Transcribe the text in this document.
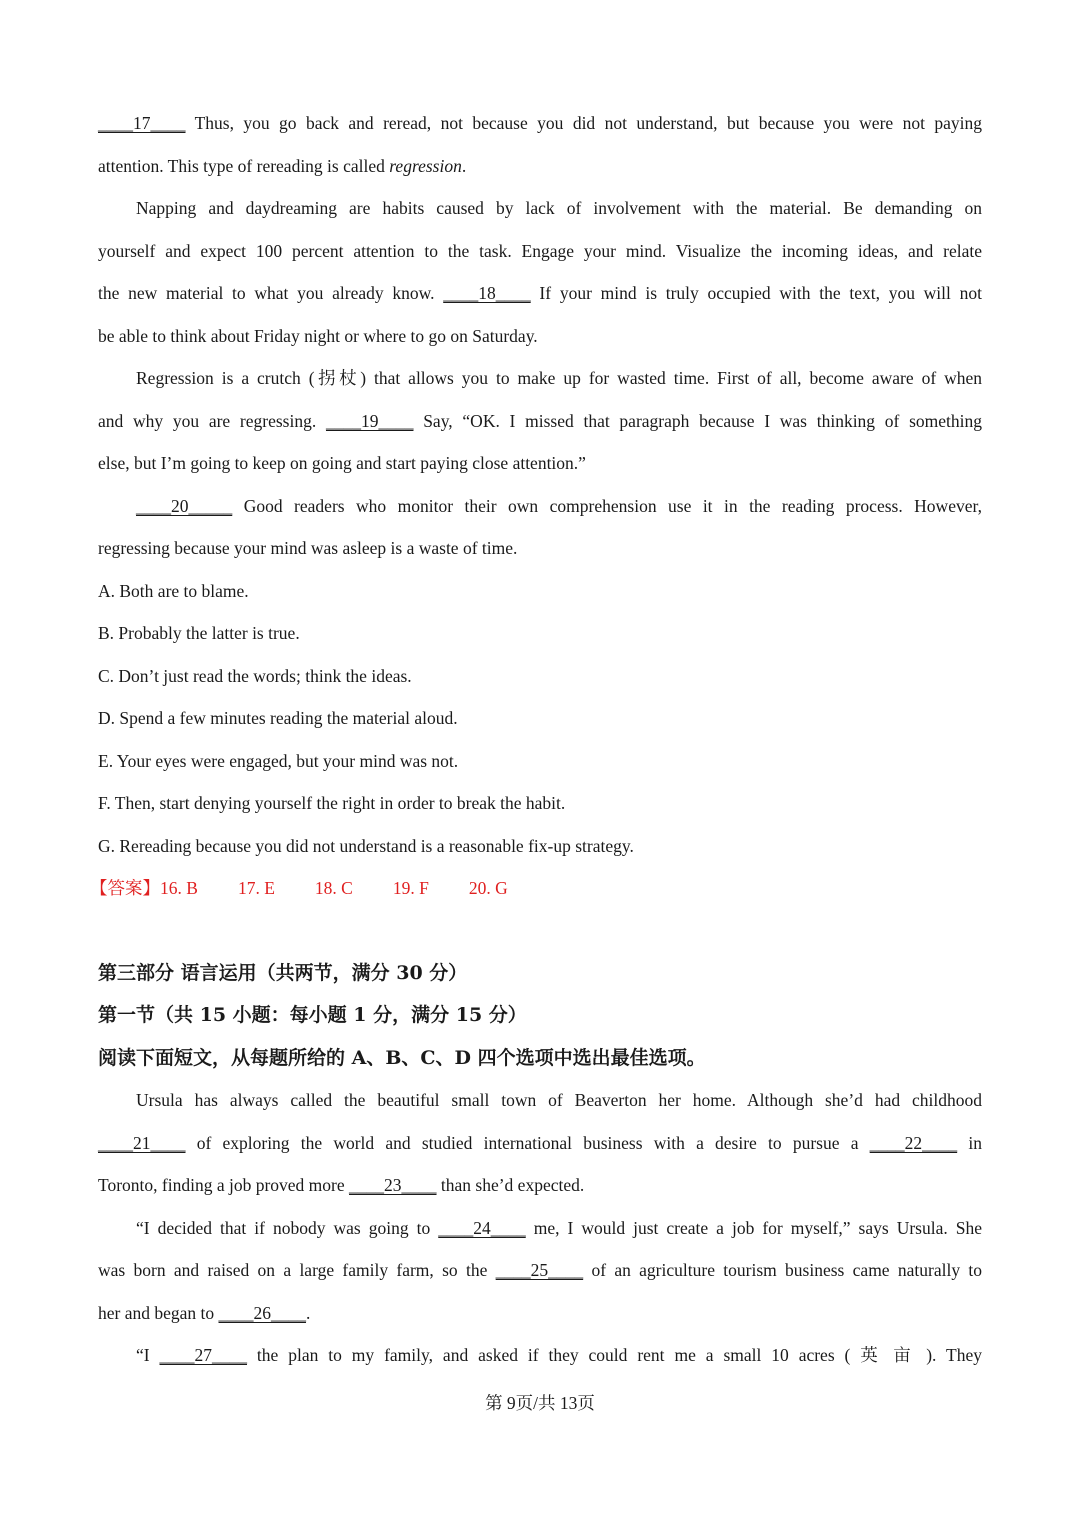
____17____ Thus, you go back and reread, not because you did not understand, but because you were not paying
attention. This type of rereading is called regression.
Napping and daydreaming are habits caused by lack of involvement with the material. Be demanding on
yourself and expect 100 percent attention to the task. Engage your mind. Visualize the incoming ideas, and relate
the new material to what you already know. ____18____ If your mind is truly occupied with the text, you will not
be able to think about Friday night or where to go on Saturday.
Regression is a crutch (拐杖) that allows you to make up for wasted time. First of all, become aware of when
and why you are regressing. ____19____ Say, “OK. I missed that paragraph because I was thinking of something
else, but I’m going to keep on going and start paying close attention.”
____20_____ Good readers who monitor their own comprehension use it in the reading process. However,
regressing because your mind was asleep is a waste of time.
A. Both are to blame.
B. Probably the latter is true.
C. Don’t just read the words; think the ideas.
D. Spend a few minutes reading the material aloud.
E. Your eyes were engaged, but your mind was not.
F. Then, start denying yourself the right in order to break the habit.
G. Rereading because you did not understand is a reasonable fix-up strategy.
【答案】16. B 17. E 18. C 19. F 20. G
第三部分 语言运用（共两节，满分 30 分）
第一节（共 15 小题：每小题 1 分，满分 15 分）
阅读下面短文，从每题所给的 A、B、C、D 四个选项中选出最佳选项。
Ursula has always called the beautiful small town of Beaverton her home. Although she’d had childhood
____21____ of exploring the world and studied international business with a desire to pursue a ____22____ in
Toronto, finding a job proved more ____23____ than she’d expected.
“I decided that if nobody was going to ____24____ me, I would just create a job for myself,” says Ursula. She
was born and raised on a large family farm, so the ____25____ of an agriculture tourism business came naturally to
her and began to ____26____.
“I ____27____ the plan to my family, and asked if they could rent me a small 10 acres ( 英 亩 ). They
第 9页/共 13页
